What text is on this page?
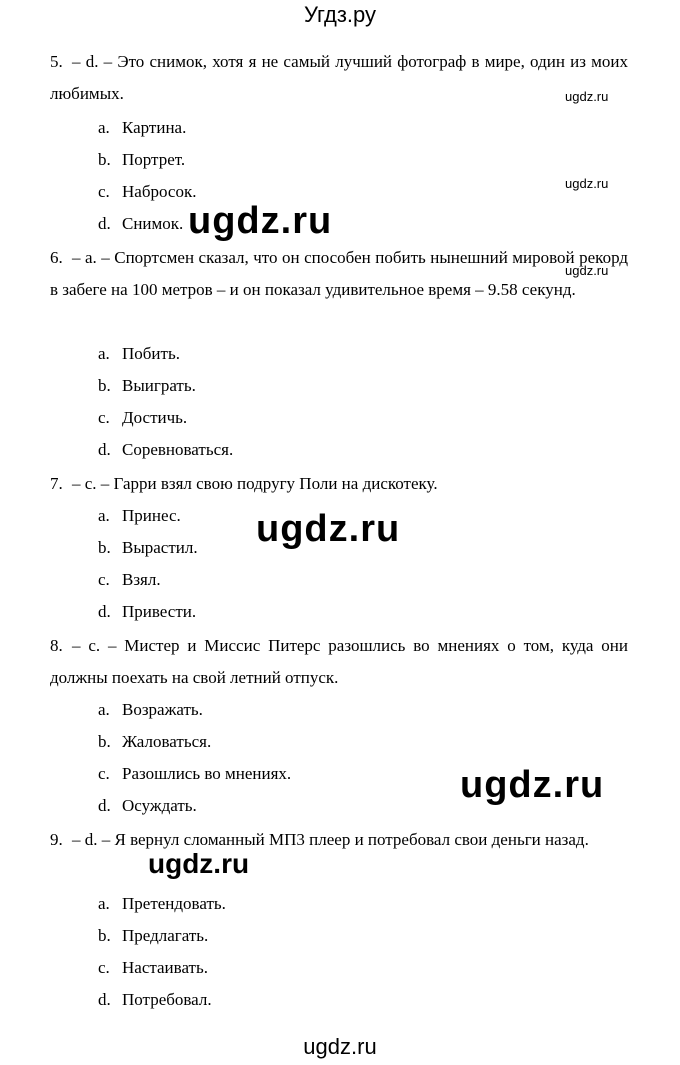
Угдз.ру
5. – d. – Это снимок, хотя я не самый лучший фотограф в мире, один из моих любимых.
a. Картина.
b. Портрет.
c. Набросок.
d. Снимок.
6. – a. – Спортсмен сказал, что он способен побить нынешний мировой рекорд в забеге на 100 метров – и он показал удивительное время – 9.58 секунд.
a. Побить.
b. Выиграть.
c. Достичь.
d. Соревноваться.
7. – c. – Гарри взял свою подругу Поли на дискотеку.
a. Принес.
b. Вырастил.
c. Взял.
d. Привести.
8. – c. – Мистер и Миссис Питерс разошлись во мнениях о том, куда они должны поехать на свой летний отпуск.
a. Возражать.
b. Жаловаться.
c. Разошлись во мнениях.
d. Осуждать.
9. – d. – Я вернул сломанный МП3 плеер и потребовал свои деньги назад.
a. Претендовать.
b. Предлагать.
c. Настаивать.
d. Потребовал.
ugdz.ru
ugdz.ru
ugdz.ru
ugdz.ru
ugdz.ru
ugdz.ru
ugdz.ru
ugdz.ru
